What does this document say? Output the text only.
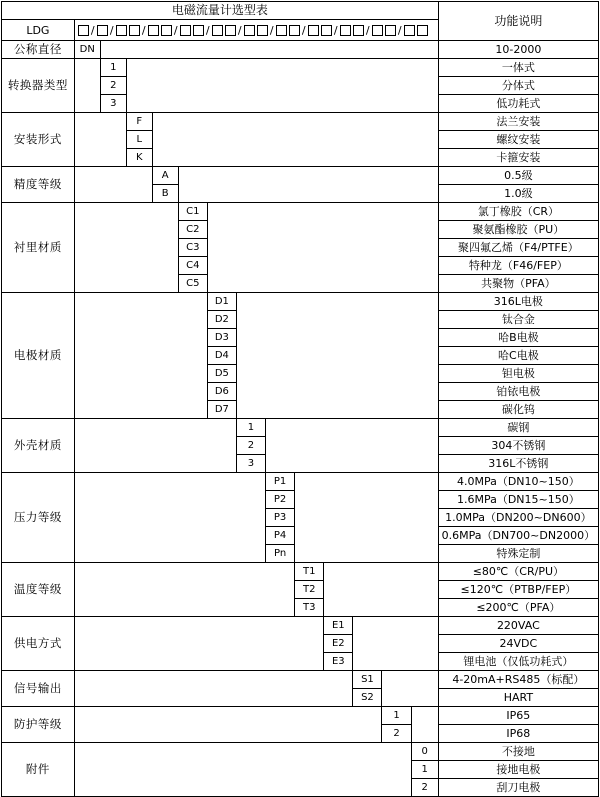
电磁流量计选型表														功能说明
LDG	/ /	/	/	/	/	/	/	/	/	/

公称直径	DN													10-2000
转换器类型		1												一体式
		2												分体式
		3												低功耗式
安装形式			F											法兰安装
			L											螺纹安装
			K											卡箍安装
精度等级				A										0.5级
				B										1.0级
衬里材质					C1									氯丁橡胶（CR）
					C2									聚氨酯橡胶（PU）
					C3									聚四氟乙烯（F4/PTFE）
					C4									特种龙（F46/FEP）
					C5									共聚物（PFA）
电极材质						D1								316L电极
						D2								钛合金
						D3								哈B电极
						D4								哈C电极
						D5								钽电极
						D6								铂铱电极
						D7								碳化钨
外壳材质							1							碳钢
							2							304不锈钢
							3							316L不锈钢
压力等级								P1						4.0MPa（DN10~150）
								P2						1.6MPa（DN15~150）
								P3						1.0MPa（DN200~DN600）
								P4						0.6MPa（DN700~DN2000）
								Pn						特殊定制
温度等级									T1					≤80℃（CR/PU）
									T2					≤120℃（PTBP/FEP）
									T3					≤200℃（PFA）
供电方式										E1				220VAC
										E2				24VDC
										E3				锂电池（仅低功耗式）
信号输出											S1			4-20mA+RS485（标配）
											S2			HART
防护等级												1		IP65
												2		IP68
附件													0	不接地
													1	接地电极
													2	刮刀电极
